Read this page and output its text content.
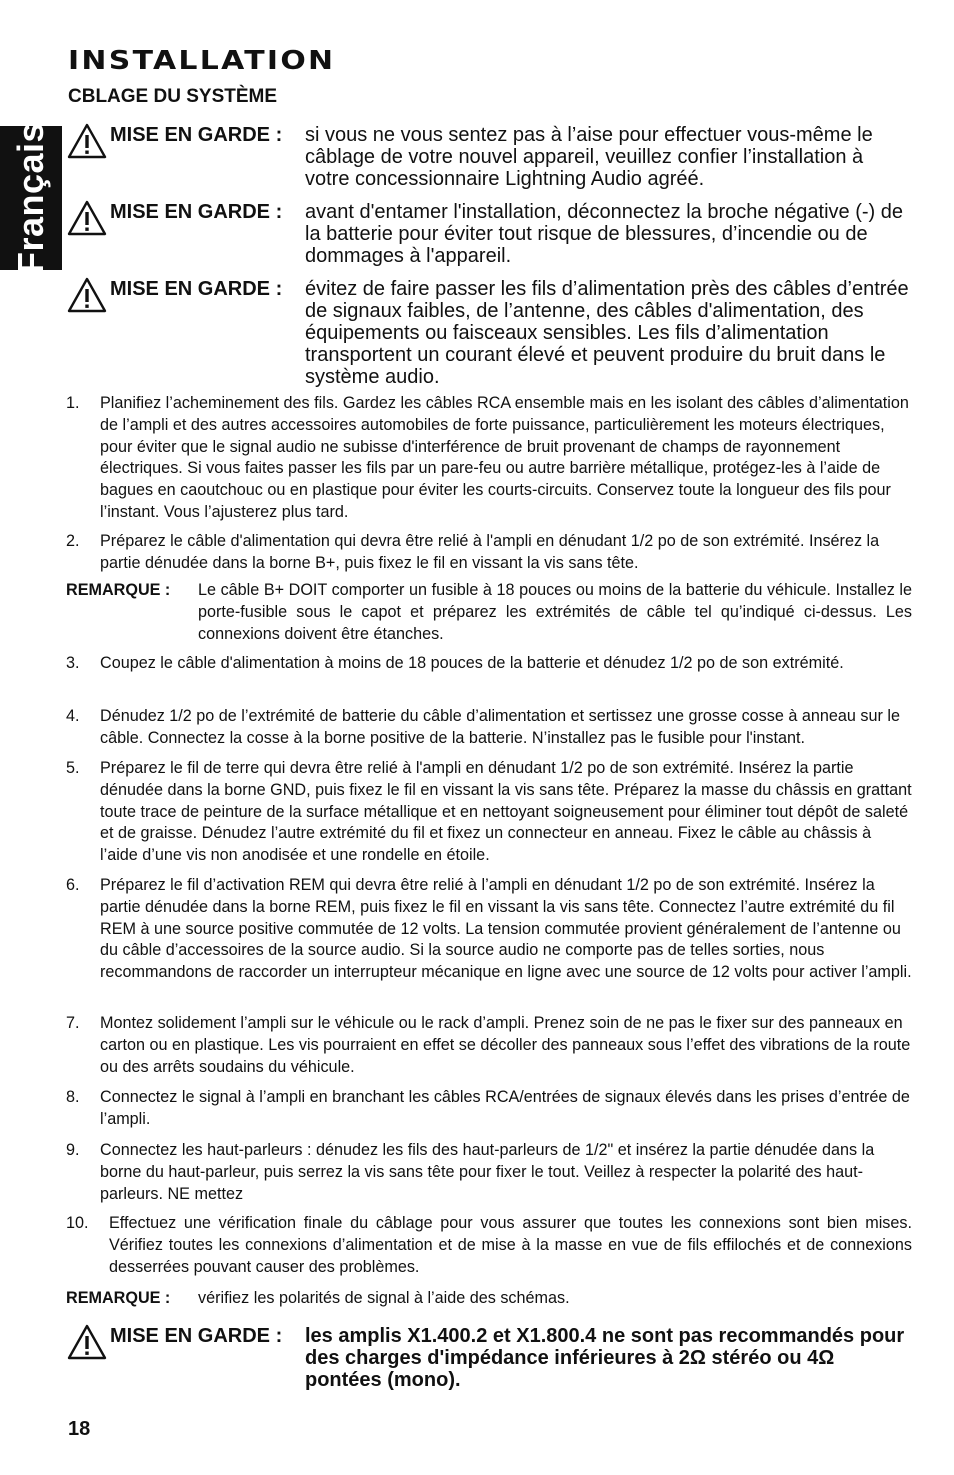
Français
INSTALLATION
CBLAGE DU SYSTÈME
MISE EN GARDE : si vous ne vous sentez pas à l’aise pour effectuer vous-même le câblage de votre nouvel appareil, veuillez confier l’installation à votre concessionnaire Lightning Audio agréé.
MISE EN GARDE : avant d'entamer l'installation, déconnectez la broche négative (-) de la batterie pour éviter tout risque de blessures, d’incendie ou de dommages à l'appareil.
MISE EN GARDE : évitez de faire passer les fils d’alimentation près des câbles d’entrée de signaux faibles, de l’antenne, des câbles d'alimentation, des équipements ou faisceaux sensibles. Les fils d’alimentation transportent un courant élevé et peuvent produire du bruit dans le système audio.
1. Planifiez l’acheminement des fils. Gardez les câbles RCA ensemble mais en les isolant des câbles d’alimentation de l’ampli et des autres accessoires automobiles de forte puissance, particulièrement les moteurs électriques, pour éviter que le signal audio ne subisse d'interférence de bruit provenant de champs de rayonnement électriques. Si vous faites passer les fils par un pare-feu ou autre barrière métallique, protégez-les à l’aide de bagues en caoutchouc ou en plastique pour éviter les courts-circuits. Conservez toute la longueur des fils pour l’instant. Vous l’ajusterez plus tard.
2. Préparez le câble d'alimentation qui devra être relié à l'ampli en dénudant 1/2 po de son extrémité. Insérez la partie dénudée dans la borne B+, puis fixez le fil en vissant la vis sans tête.
REMARQUE : Le câble B+ DOIT comporter un fusible à 18 pouces ou moins de la batterie du véhicule. Installez le porte-fusible sous le capot et préparez les extrémités de câble tel qu’indiqué ci-dessus. Les connexions doivent être étanches.
3. Coupez le câble d'alimentation à moins de 18 pouces de la batterie et dénudez 1/2 po de son extrémité.
4. Dénudez 1/2 po de l’extrémité de batterie du câble d’alimentation et sertissez une grosse cosse à anneau sur le câble. Connectez la cosse à la borne positive de la batterie. N’installez pas le fusible pour l'instant.
5. Préparez le fil de terre qui devra être relié à l'ampli en dénudant 1/2 po de son extrémité. Insérez la partie dénudée dans la borne GND, puis fixez le fil en vissant la vis sans tête. Préparez la masse du châssis en grattant toute trace de peinture de la surface métallique et en nettoyant soigneusement pour éliminer tout dépôt de saleté et de graisse. Dénudez l’autre extrémité du fil et fixez un connecteur en anneau. Fixez le câble au châssis à l’aide d’une vis non anodisée et une rondelle en étoile.
6. Préparez le fil d’activation REM qui devra être relié à l’ampli en dénudant 1/2 po de son extrémité. Insérez la partie dénudée dans la borne REM, puis fixez le fil en vissant la vis sans tête. Connectez l’autre extrémité du fil REM à une source positive commutée de 12 volts. La tension commutée provient généralement de l’antenne ou du câble d’accessoires de la source audio. Si la source audio ne comporte pas de telles sorties, nous recommandons de raccorder un interrupteur mécanique en ligne avec une source de 12 volts pour activer l’ampli.
7. Montez solidement l’ampli sur le véhicule ou le rack d’ampli. Prenez soin de ne pas le fixer sur des panneaux en carton ou en plastique. Les vis pourraient en effet se décoller des panneaux sous l’effet des vibrations de la route ou des arrêts soudains du véhicule.
8. Connectez le signal à l’ampli en branchant les câbles RCA/entrées de signaux élevés dans les prises d’entrée de l’ampli.
9. Connectez les haut-parleurs : dénudez les fils des haut-parleurs de 1/2" et insérez la partie dénudée dans la borne du haut-parleur, puis serrez la vis sans tête pour fixer le tout. Veillez à respecter la polarité des haut-parleurs. NE mettez
10. Effectuez une vérification finale du câblage pour vous assurer que toutes les connexions sont bien mises. Vérifiez toutes les connexions d’alimentation et de mise à la masse en vue de fils effilochés et de connexions desserrées pouvant causer des problèmes.
REMARQUE : vérifiez les polarités de signal à l’aide des schémas.
MISE EN GARDE : les amplis X1.400.2 et X1.800.4 ne sont pas recommandés pour des charges d'impédance inférieures à 2Ω stéréo ou 4Ω pontées (mono).
18
